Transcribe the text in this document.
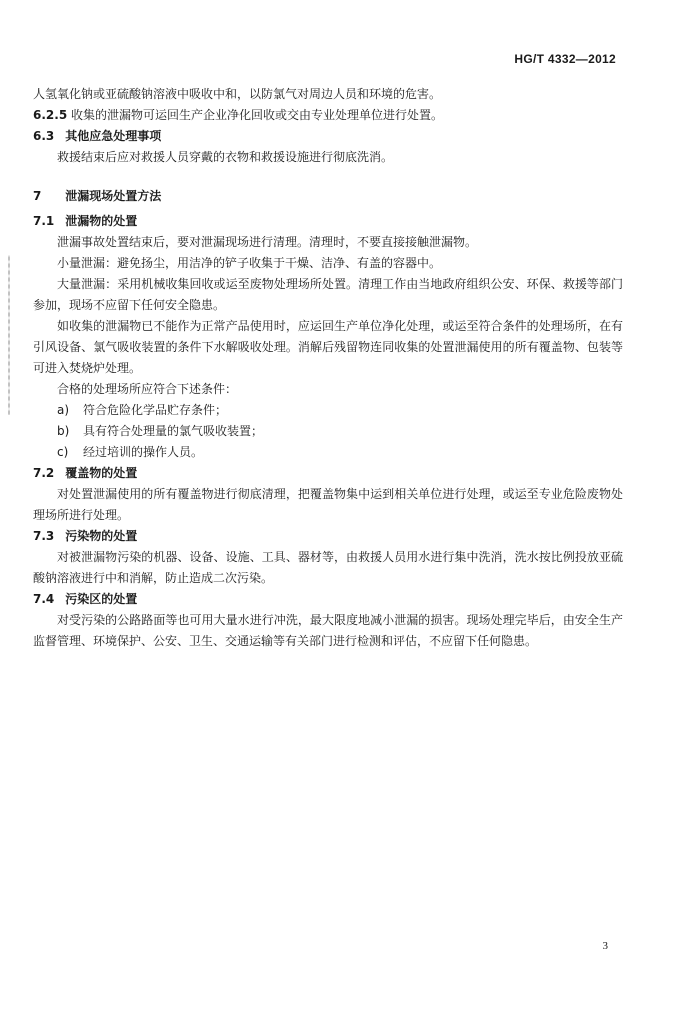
HG/T 4332—2012

人氢氧化钠或亚硫酸钠溶液中吸收中和，以防氯气对周边人员和环境的危害。

6.2.5 收集的泄漏物可运回生产企业净化回收或交由专业处理单位进行处置。

6.3 其他应急处理事项

救援结束后应对救援人员穿戴的衣物和救援设施进行彻底洗消。

7 泄漏现场处置方法

7.1 泄漏物的处置

泄漏事故处置结束后，要对泄漏现场进行清理。清理时，不要直接接触泄漏物。

小量泄漏：避免扬尘，用洁净的铲子收集于干燥、洁净、有盖的容器中。

大量泄漏：采用机械收集回收或运至废物处理场所处置。清理工作由当地政府组织公安、环保、救援等部门参加，现场不应留下任何安全隐患。

如收集的泄漏物已不能作为正常产品使用时，应运回生产单位净化处理，或运至符合条件的处理场所，在有引风设备、氯气吸收装置的条件下水解吸收处理。消解后残留物连同收集的处置泄漏使用的所有覆盖物、包装等可进入焚烧炉处理。

合格的处理场所应符合下述条件：

a) 符合危险化学品贮存条件；

b) 具有符合处理量的氯气吸收装置；

c) 经过培训的操作人员。

7.2 覆盖物的处置

对处置泄漏使用的所有覆盖物进行彻底清理，把覆盖物集中运到相关单位进行处理，或运至专业危险废物处理场所进行处理。

7.3 污染物的处置

对被泄漏物污染的机器、设备、设施、工具、器材等，由救援人员用水进行集中洗消，洗水按比例投放亚硫酸钠溶液进行中和消解，防止造成二次污染。

7.4 污染区的处置

对受污染的公路路面等也可用大量水进行冲洗，最大限度地减小泄漏的损害。现场处理完毕后，由安全生产监督管理、环境保护、公安、卫生、交通运输等有关部门进行检测和评估，不应留下任何隐患。

3
